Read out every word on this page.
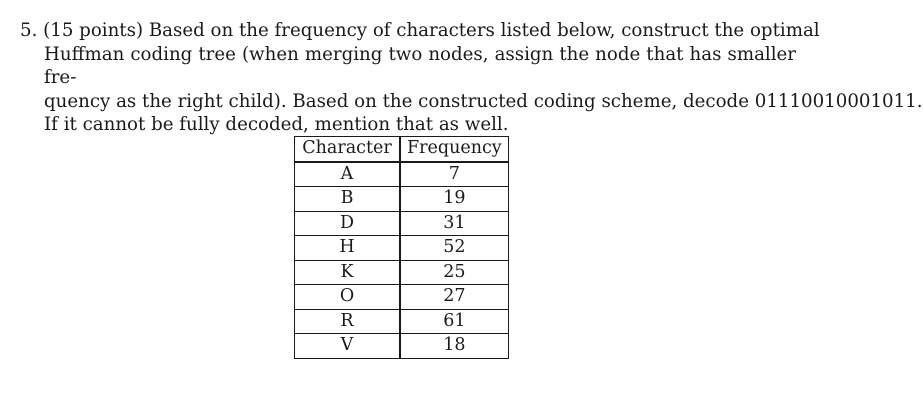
5. (15 points) Based on the frequency of characters listed below, construct the optimal
Huffman coding tree (when merging two nodes, assign the node that has smaller fre-
quency as the right child). Based on the constructed coding scheme, decode 01110010001011.
If it cannot be fully decoded, mention that as well.
Character	Frequency
A	7
B	19
D	31
H	52
K	25
O	27
R	61
V	18
